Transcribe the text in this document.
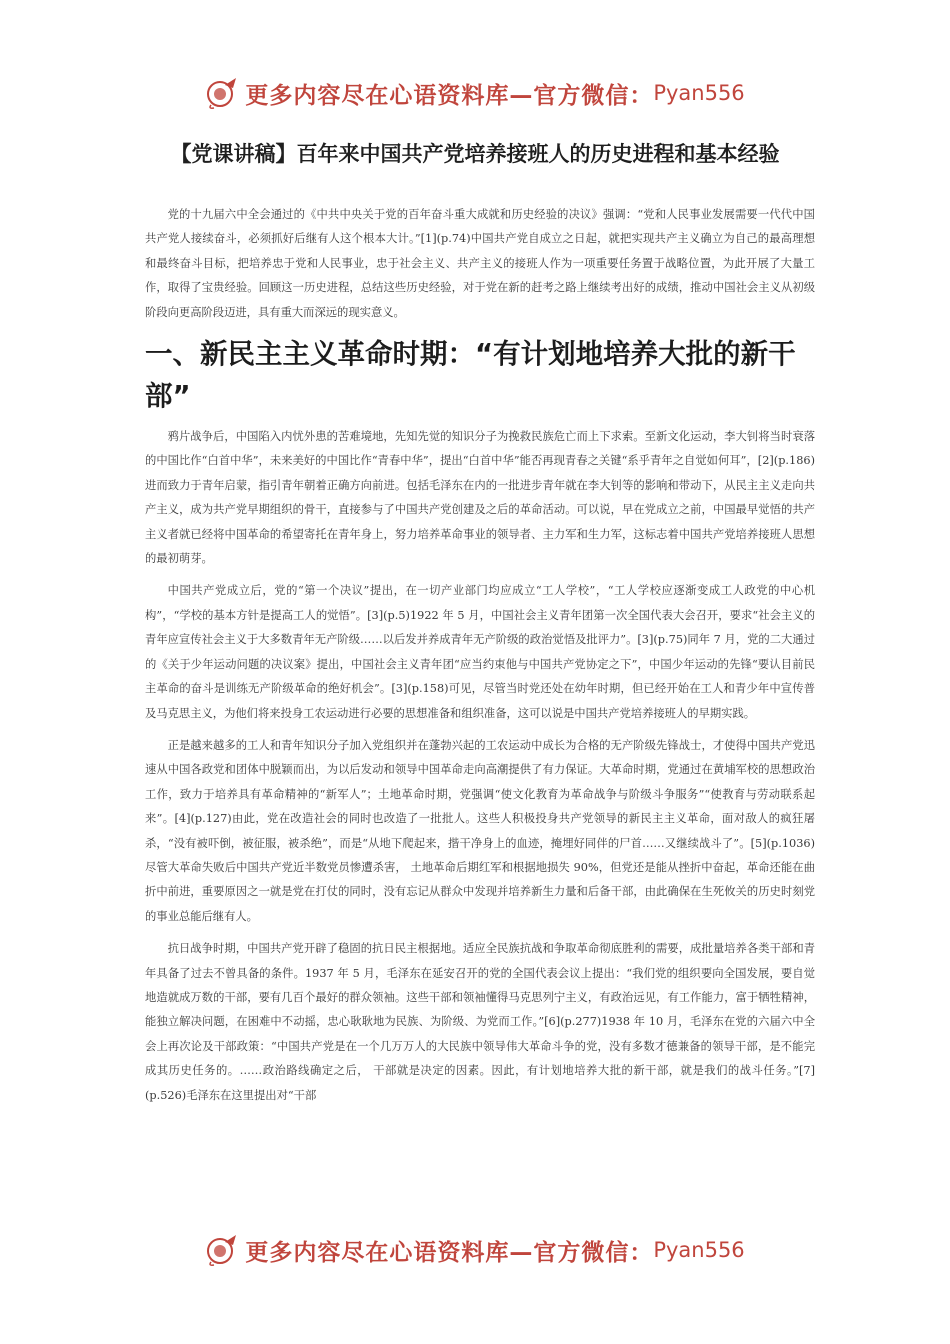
更多内容尽在心语资料库—官方微信： Pyan556
【党课讲稿】百年来中国共产党培养接班人的历史进程和基本经验

党的十九届六中全会通过的《中共中央关于党的百年奋斗重大成就和历史经验的决议》强调：“党和人民事业发展需要一代代中国共产党人接续奋斗，必须抓好后继有人这个根本大计。”[1](p.74)中国共产党自成立之日起，就把实现共产主义确立为自己的最高理想和最终奋斗目标，把培养忠于党和人民事业，忠于社会主义、共产主义的接班人作为一项重要任务置于战略位置，为此开展了大量工作，取得了宝贵经验。回顾这一历史进程，总结这些历史经验，对于党在新的赶考之路上继续考出好的成绩，推动中国社会主义从初级阶段向更高阶段迈进，具有重大而深远的现实意义。

一、新民主主义革命时期：“有计划地培养大批的新干部”

鸦片战争后，中国陷入内忧外患的苦难境地，先知先觉的知识分子为挽救民族危亡而上下求索。至新文化运动，李大钊将当时衰落的中国比作“白首中华”，未来美好的中国比作“青春中华”，提出“白首中华”能否再现青春之关键“系乎青年之自觉如何耳”，[2](p.186)进而致力于青年启蒙，指引青年朝着正确方向前进。包括毛泽东在内的一批进步青年就在李大钊等的影响和带动下，从民主主义走向共产主义，成为共产党早期组织的骨干，直接参与了中国共产党创建及之后的革命活动。可以说，早在党成立之前，中国最早觉悟的共产主义者就已经将中国革命的希望寄托在青年身上，努力培养革命事业的领导者、主力军和生力军，这标志着中国共产党培养接班人思想的最初萌芽。

中国共产党成立后，党的“第一个决议”提出，在一切产业部门均应成立“工人学校”，“工人学校应逐渐变成工人政党的中心机构”，“学校的基本方针是提高工人的觉悟”。[3](p.5)1922 年 5 月，中国社会主义青年团第一次全国代表大会召开，要求“社会主义的青年应宣传社会主义于大多数青年无产阶级……以后发并养成青年无产阶级的政治觉悟及批评力”。[3](p.75)同年 7 月，党的二大通过的《关于少年运动问题的决议案》提出，中国社会主义青年团“应当约束他与中国共产党协定之下”，中国少年运动的先锋“要认目前民主革命的奋斗是训练无产阶级革命的绝好机会”。[3](p.158)可见，尽管当时党还处在幼年时期，但已经开始在工人和青少年中宣传普及马克思主义，为他们将来投身工农运动进行必要的思想准备和组织准备，这可以说是中国共产党培养接班人的早期实践。

正是越来越多的工人和青年知识分子加入党组织并在蓬勃兴起的工农运动中成长为合格的无产阶级先锋战士，才使得中国共产党迅速从中国各政党和团体中脱颖而出，为以后发动和领导中国革命走向高潮提供了有力保证。大革命时期，党通过在黄埔军校的思想政治工作，致力于培养具有革命精神的“新军人”；土地革命时期，党强调“使文化教育为革命战争与阶级斗争服务”“使教育与劳动联系起来”。[4](p.127)由此，党在改造社会的同时也改造了一批批人。这些人积极投身共产党领导的新民主主义革命，面对敌人的疯狂屠杀，“没有被吓倒，被征服，被杀绝”，而是“从地下爬起来，揩干净身上的血迹，掩埋好同伴的尸首……又继续战斗了”。[5](p.1036)尽管大革命失败后中国共产党近半数党员惨遭杀害， 土地革命后期红军和根据地损失 90%，但党还是能从挫折中奋起，革命还能在曲折中前进，重要原因之一就是党在打仗的同时，没有忘记从群众中发现并培养新生力量和后备干部，由此确保在生死攸关的历史时刻党的事业总能后继有人。

抗日战争时期，中国共产党开辟了稳固的抗日民主根据地。适应全民族抗战和争取革命彻底胜利的需要，成批量培养各类干部和青年具备了过去不曾具备的条件。1937 年 5 月，毛泽东在延安召开的党的全国代表会议上提出：“我们党的组织要向全国发展，要自觉地造就成万数的干部，要有几百个最好的群众领袖。这些干部和领袖懂得马克思列宁主义，有政治远见，有工作能力，富于牺牲精神，能独立解决问题，在困难中不动摇，忠心耿耿地为民族、为阶级、为党而工作。”[6](p.277)1938 年 10 月，毛泽东在党的六届六中全会上再次论及干部政策：“中国共产党是在一个几万万人的大民族中领导伟大革命斗争的党，没有多数才德兼备的领导干部，是不能完成其历史任务的。……政治路线确定之后， 干部就是决定的因素。因此，有计划地培养大批的新干部，就是我们的战斗任务。”[7](p.526)毛泽东在这里提出对“干部

更多内容尽在心语资料库—官方微信： Pyan556
